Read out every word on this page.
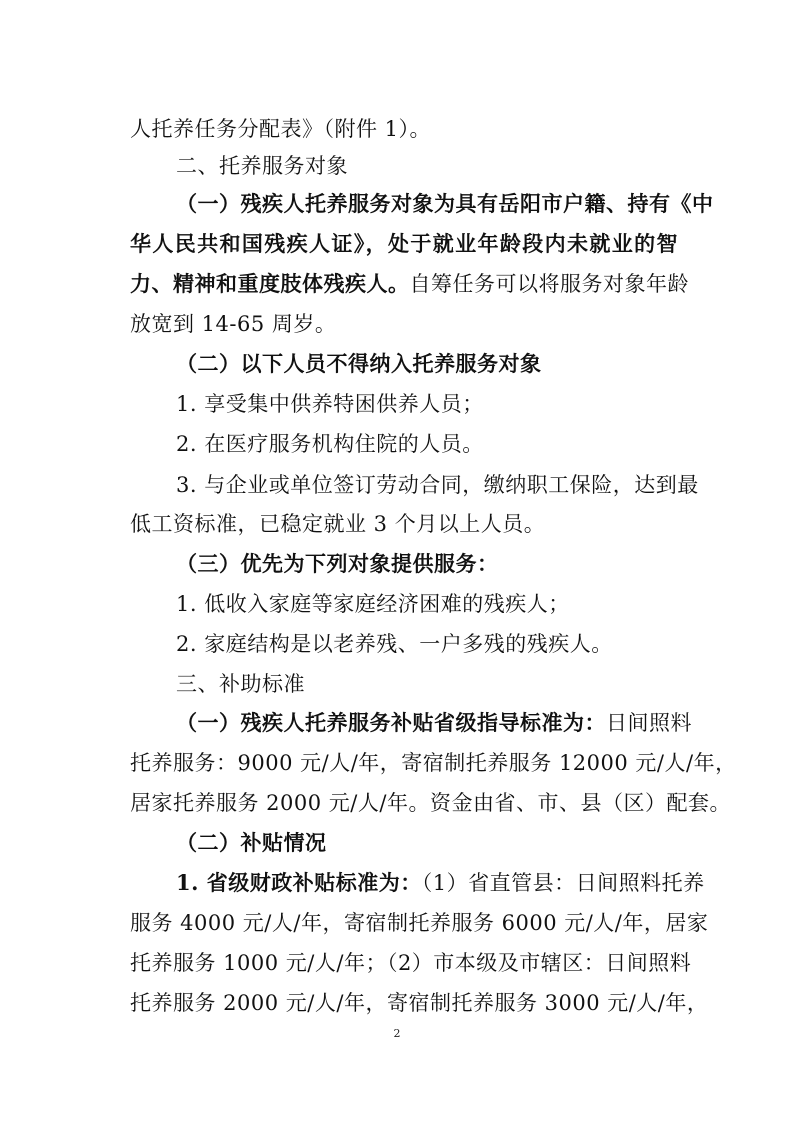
人托养任务分配表》（附件 1）。
二、托养服务对象
（一）残疾人托养服务对象为具有岳阳市户籍、持有《中
华人民共和国残疾人证》，处于就业年龄段内未就业的智
力、精神和重度肢体残疾人。自筹任务可以将服务对象年龄
放宽到 14-65 周岁。
（二）以下人员不得纳入托养服务对象
1. 享受集中供养特困供养人员；
2. 在医疗服务机构住院的人员。
3. 与企业或单位签订劳动合同，缴纳职工保险，达到最
低工资标准，已稳定就业 3 个月以上人员。
（三）优先为下列对象提供服务：
1. 低收入家庭等家庭经济困难的残疾人；
2. 家庭结构是以老养残、一户多残的残疾人。
三、补助标准
（一）残疾人托养服务补贴省级指导标准为：日间照料
托养服务：9000 元/人/年，寄宿制托养服务 12000 元/人/年，
居家托养服务 2000 元/人/年。资金由省、市、县（区）配套。
（二）补贴情况
1. 省级财政补贴标准为：（1）省直管县：日间照料托养
服务 4000 元/人/年，寄宿制托养服务 6000 元/人/年，居家
托养服务 1000 元/人/年；（2）市本级及市辖区：日间照料
托养服务 2000 元/人/年，寄宿制托养服务 3000 元/人/年，
2
